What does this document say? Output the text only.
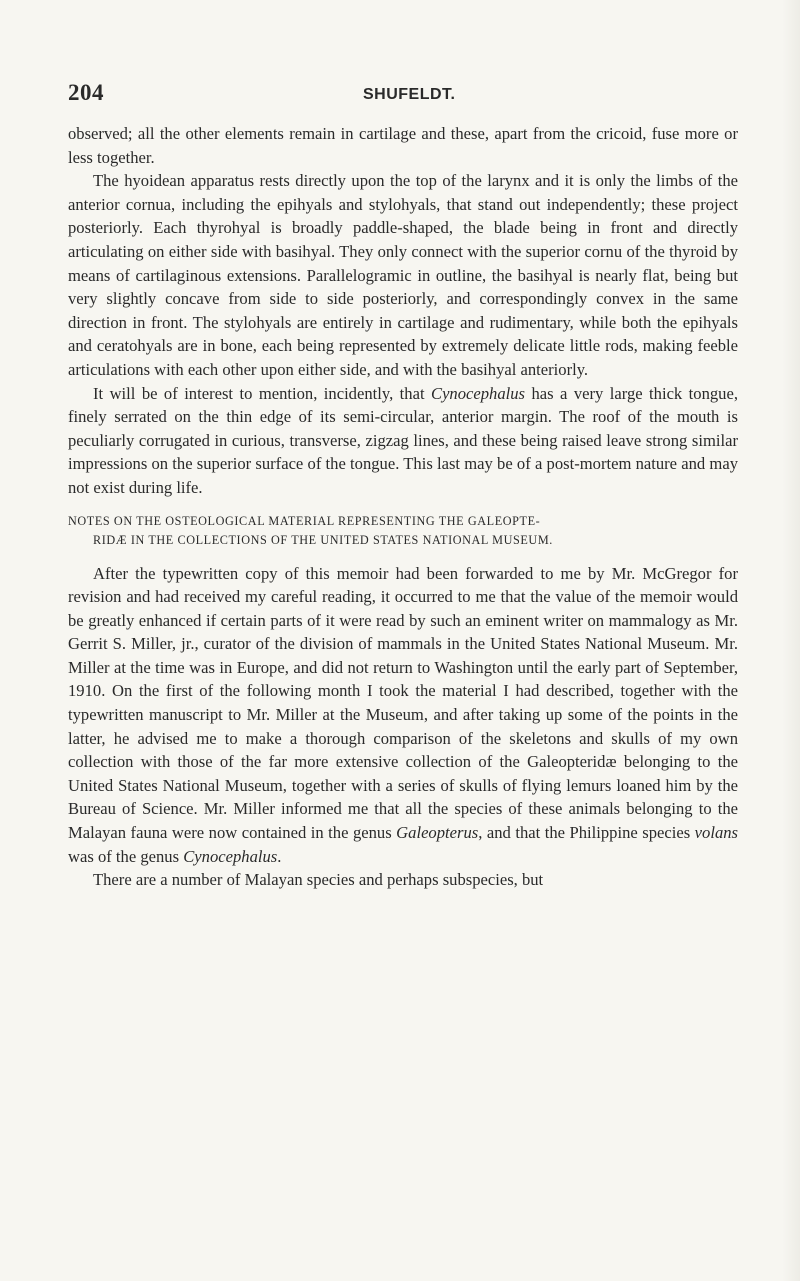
204	SHUFELDT.

observed; all the other elements remain in cartilage and these, apart from the cricoid, fuse more or less together.

The hyoidean apparatus rests directly upon the top of the larynx and it is only the limbs of the anterior cornua, including the epihyals and stylohyals, that stand out independently; these project posteriorly. Each thyrohyal is broadly paddle-shaped, the blade being in front and directly articulating on either side with basihyal. They only connect with the superior cornu of the thyroid by means of cartilaginous extensions. Parallelogramic in outline, the basihyal is nearly flat, being but very slightly concave from side to side posteriorly, and correspondingly convex in the same direction in front. The stylohyals are entirely in cartilage and rudimentary, while both the epihyals and ceratohyals are in bone, each being represented by extremely delicate little rods, making feeble articulations with each other upon either side, and with the basihyal anteriorly.

It will be of interest to mention, incidently, that Cynocephalus has a very large thick tongue, finely serrated on the thin edge of its semi-circular, anterior margin. The roof of the mouth is peculiarly corrugated in curious, transverse, zigzag lines, and these being raised leave strong similar impressions on the superior surface of the tongue. This last may be of a post-mortem nature and may not exist during life.

NOTES ON THE OSTEOLOGICAL MATERIAL REPRESENTING THE GALEOPTE-
RIDÆ IN THE COLLECTIONS OF THE UNITED STATES NATIONAL MUSEUM.

After the typewritten copy of this memoir had been forwarded to me by Mr. McGregor for revision and had received my careful reading, it occurred to me that the value of the memoir would be greatly enhanced if certain parts of it were read by such an eminent writer on mammalogy as Mr. Gerrit S. Miller, jr., curator of the division of mammals in the United States National Museum. Mr. Miller at the time was in Europe, and did not return to Washington until the early part of September, 1910. On the first of the following month I took the material I had described, together with the typewritten manuscript to Mr. Miller at the Museum, and after taking up some of the points in the latter, he advised me to make a thorough comparison of the skeletons and skulls of my own collection with those of the far more extensive collection of the Galeopteridæ belonging to the United States National Museum, together with a series of skulls of flying lemurs loaned him by the Bureau of Science. Mr. Miller informed me that all the species of these animals belonging to the Malayan fauna were now contained in the genus Galeopterus, and that the Philippine species volans was of the genus Cynocephalus.

There are a number of Malayan species and perhaps subspecies, but
